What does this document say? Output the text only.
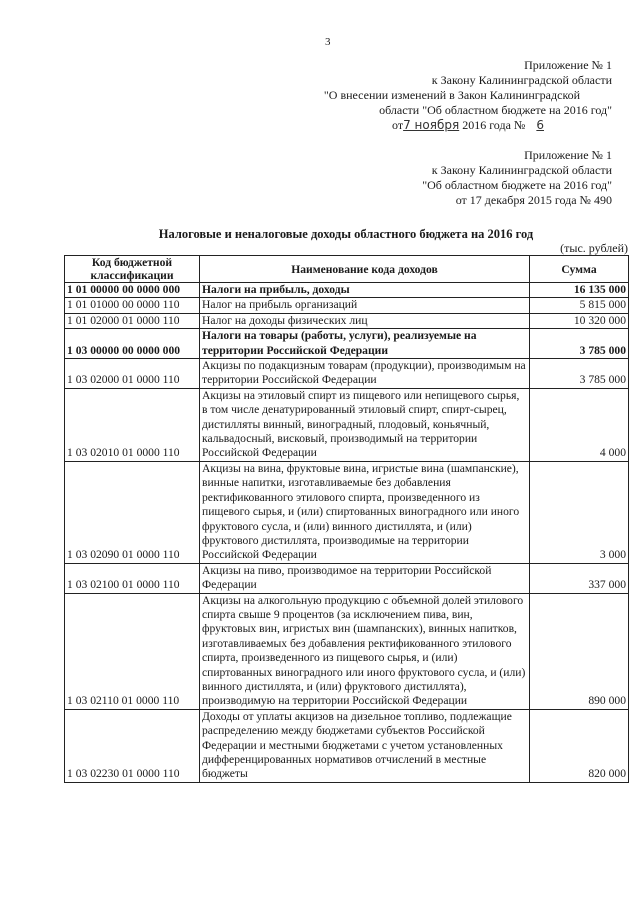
3
Приложение № 1
к Закону Калининградской области
"О внесении изменений в Закон Калининградской
области "Об областном бюджете на 2016 год"
от7 ноября 2016 года № 6
Приложение № 1
к Закону Калининградской области
"Об областном бюджете на 2016 год"
от 17 декабря 2015 года № 490
Налоговые и неналоговые доходы областного бюджета на 2016 год
(тыс. рублей)
Код бюджетной классификации	Наименование кода доходов	Сумма
1 01 00000 00 0000 000	Налоги на прибыль, доходы	16 135 000
1 01 01000 00 0000 110	Налог на прибыль организаций	5 815 000
1 01 02000 01 0000 110	Налог на доходы физических лиц	10 320 000
1 03 00000 00 0000 000	Налоги на товары (работы, услуги), реализуемые на территории Российской Федерации	3 785 000
1 03 02000 01 0000 110	Акцизы по подакцизным товарам (продукции), производимым на территории Российской Федерации	3 785 000
1 03 02010 01 0000 110	Акцизы на этиловый спирт из пищевого или непищевого сырья, в том числе денатурированный этиловый спирт, спирт-сырец, дистилляты винный, виноградный, плодовый, коньячный, кальвадосный, висковый, производимый на территории Российской Федерации	4 000
1 03 02090 01 0000 110	Акцизы на вина, фруктовые вина, игристые вина (шампанские), винные напитки, изготавливаемые без добавления ректификованного этилового спирта, произведенного из пищевого сырья, и (или) спиртованных виноградного или иного фруктового сусла, и (или) винного дистиллята, и (или) фруктового дистиллята, производимые на территории Российской Федерации	3 000
1 03 02100 01 0000 110	Акцизы на пиво, производимое на территории Российской Федерации	337 000
1 03 02110 01 0000 110	Акцизы на алкогольную продукцию с объемной долей этилового спирта свыше 9 процентов (за исключением пива, вин, фруктовых вин, игристых вин (шампанских), винных напитков, изготавливаемых без добавления ректификованного этилового спирта, произведенного из пищевого сырья, и (или) спиртованных виноградного или иного фруктового сусла, и (или) винного дистиллята, и (или) фруктового дистиллята), производимую на территории Российской Федерации	890 000
1 03 02230 01 0000 110	Доходы от уплаты акцизов на дизельное топливо, подлежащие распределению между бюджетами субъектов Российской Федерации и местными бюджетами с учетом установленных дифференцированных нормативов отчислений в местные бюджеты	820 000
